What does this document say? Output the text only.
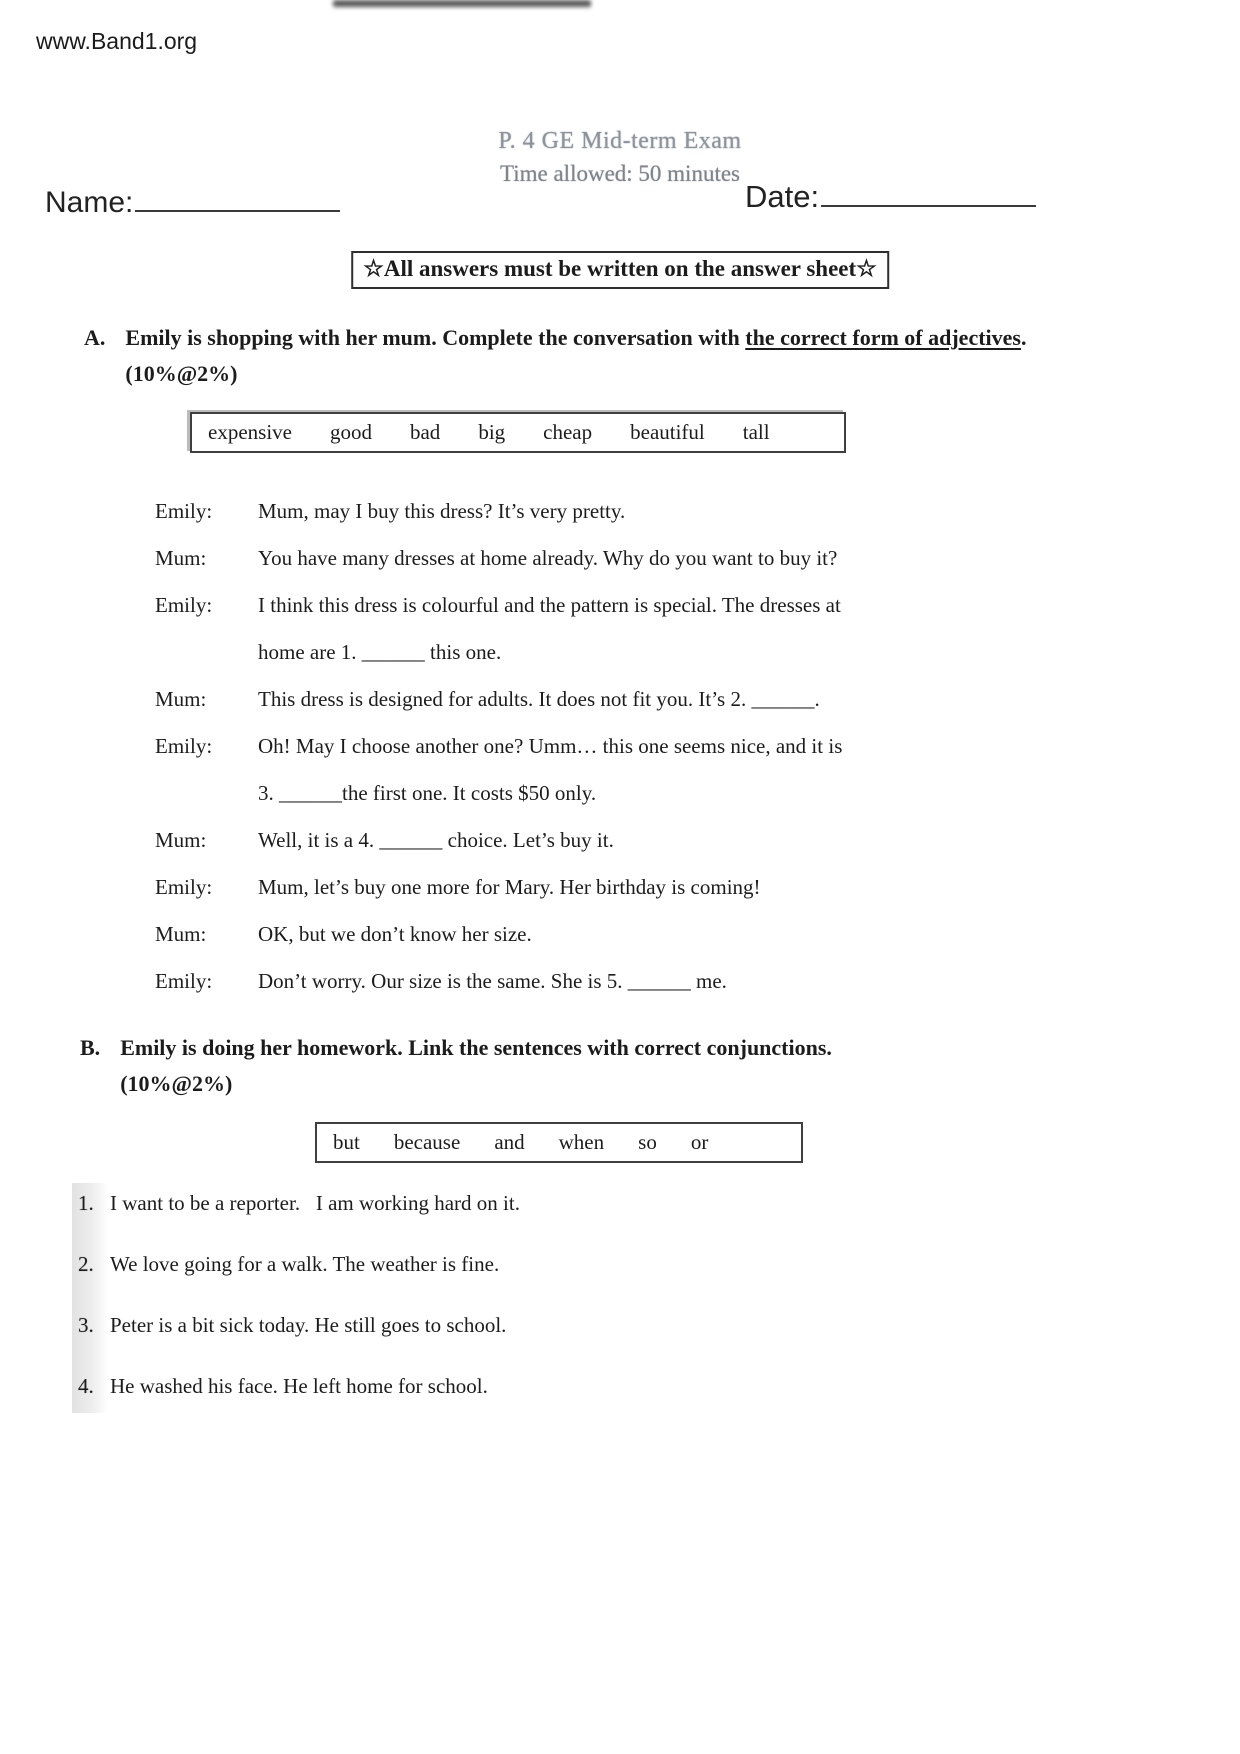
www.Band1.org
P. 4 GE Mid-term Exam
Time allowed: 50 minutes
Name:	Date:
☆All answers must be written on the answer sheet☆
A. Emily is shopping with her mum. Complete the conversation with the correct form of adjectives. (10%@2%)
expensive good bad big cheap beautiful tall
Emily:	Mum, may I buy this dress? It’s very pretty.
Mum:	You have many dresses at home already. Why do you want to buy it?
Emily:	I think this dress is colourful and the pattern is special. The dresses at
home are 1. ______ this one.
Mum:	This dress is designed for adults. It does not fit you. It’s 2. ______.
Emily:	Oh! May I choose another one? Umm… this one seems nice, and it is
3. ______the first one. It costs $50 only.
Mum:	Well, it is a 4. ______ choice. Let’s buy it.
Emily:	Mum, let’s buy one more for Mary. Her birthday is coming!
Mum:	OK, but we don’t know her size.
Emily:	Don’t worry. Our size is the same. She is 5. ______ me.
B. Emily is doing her homework. Link the sentences with correct conjunctions.
(10%@2%)
but because and when so or
1. I want to be a reporter.   I am working hard on it.
2. We love going for a walk. The weather is fine.
3. Peter is a bit sick today. He still goes to school.
4. He washed his face. He left home for school.
